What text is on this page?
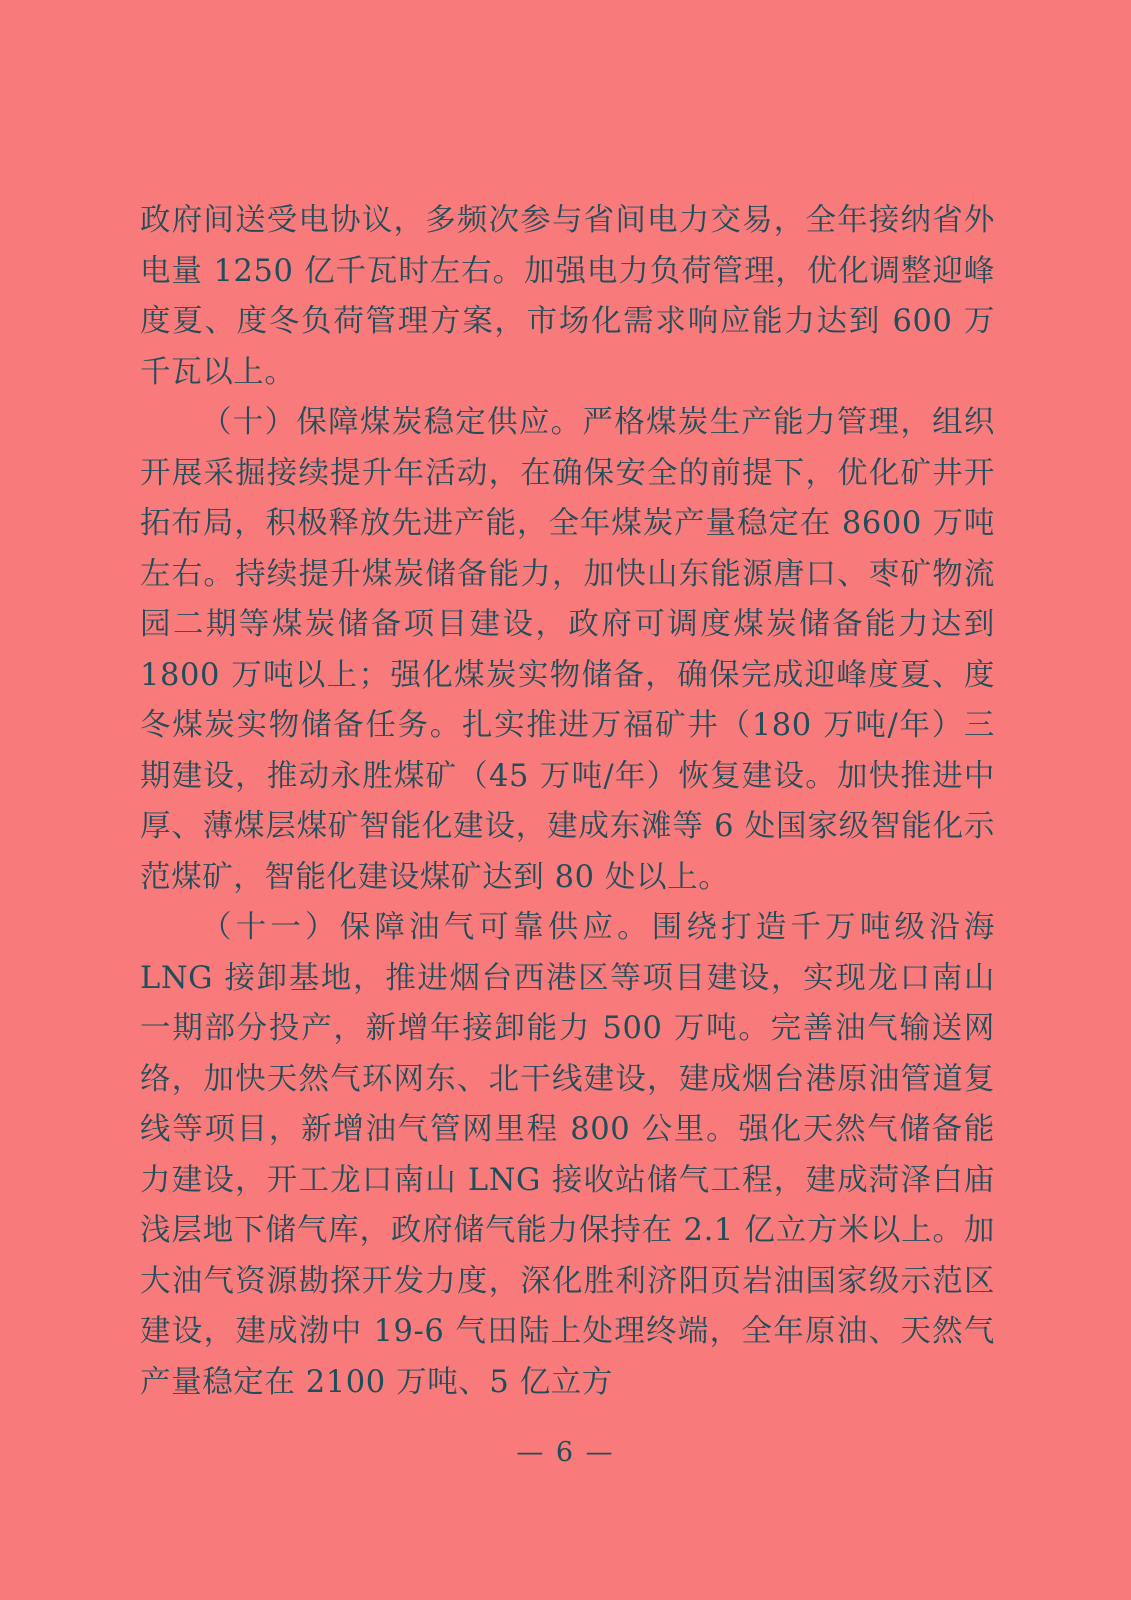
政府间送受电协议，多频次参与省间电力交易，全年接纳省外电量 1250 亿千瓦时左右。加强电力负荷管理，优化调整迎峰度夏、度冬负荷管理方案，市场化需求响应能力达到 600 万千瓦以上。

（十）保障煤炭稳定供应。严格煤炭生产能力管理，组织开展采掘接续提升年活动，在确保安全的前提下，优化矿井开拓布局，积极释放先进产能，全年煤炭产量稳定在 8600 万吨左右。持续提升煤炭储备能力，加快山东能源唐口、枣矿物流园二期等煤炭储备项目建设，政府可调度煤炭储备能力达到 1800 万吨以上；强化煤炭实物储备，确保完成迎峰度夏、度冬煤炭实物储备任务。扎实推进万福矿井（180 万吨/年）三期建设，推动永胜煤矿（45 万吨/年）恢复建设。加快推进中厚、薄煤层煤矿智能化建设，建成东滩等 6 处国家级智能化示范煤矿，智能化建设煤矿达到 80 处以上。

（十一）保障油气可靠供应。围绕打造千万吨级沿海 LNG 接卸基地，推进烟台西港区等项目建设，实现龙口南山一期部分投产，新增年接卸能力 500 万吨。完善油气输送网络，加快天然气环网东、北干线建设，建成烟台港原油管道复线等项目，新增油气管网里程 800 公里。强化天然气储备能力建设，开工龙口南山 LNG 接收站储气工程，建成菏泽白庙浅层地下储气库，政府储气能力保持在 2.1 亿立方米以上。加大油气资源勘探开发力度，深化胜利济阳页岩油国家级示范区建设，建成渤中 19-6 气田陆上处理终端，全年原油、天然气产量稳定在 2100 万吨、5 亿立方

— 6 —
